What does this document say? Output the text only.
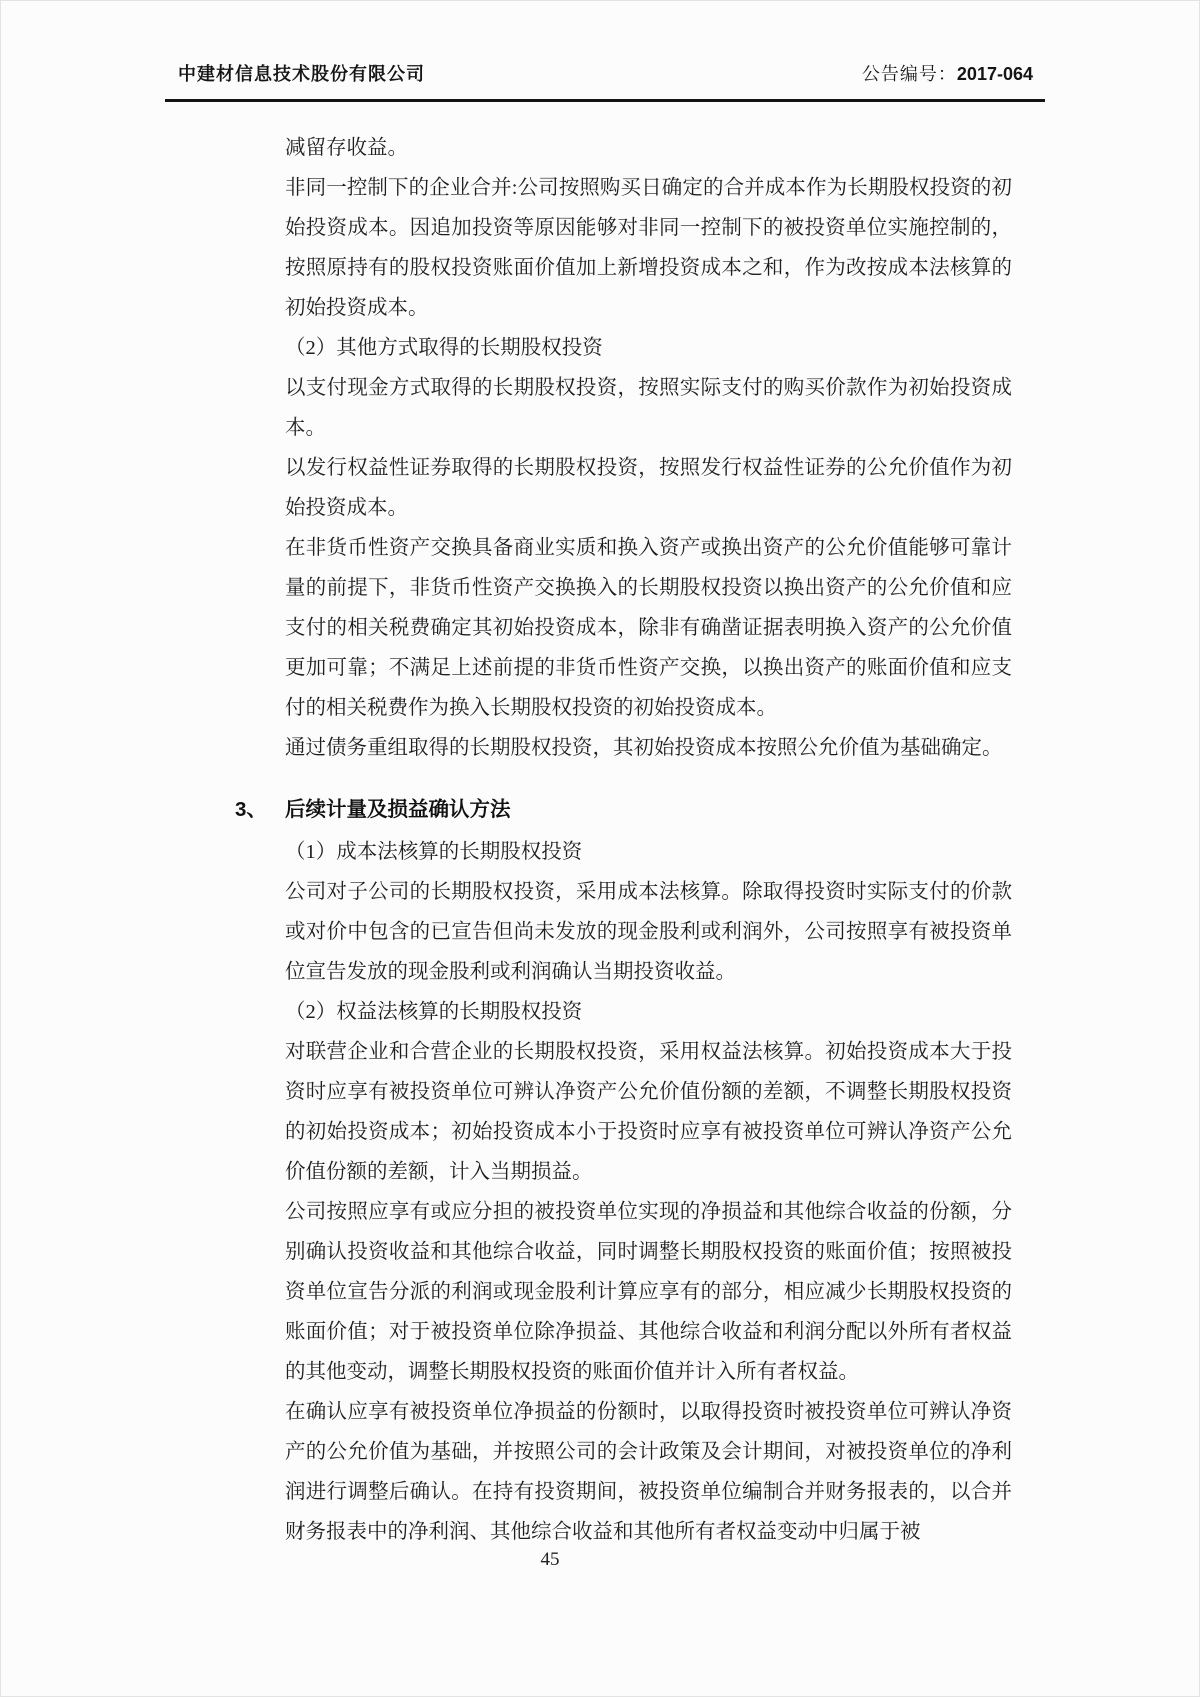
中建材信息技术股份有限公司	公告编号：2017-064

减留存收益。

非同一控制下的企业合并:公司按照购买日确定的合并成本作为长期股权投资的初始投资成本。因追加投资等原因能够对非同一控制下的被投资单位实施控制的，按照原持有的股权投资账面价值加上新增投资成本之和，作为改按成本法核算的初始投资成本。

（2）其他方式取得的长期股权投资

以支付现金方式取得的长期股权投资，按照实际支付的购买价款作为初始投资成本。

以发行权益性证券取得的长期股权投资，按照发行权益性证券的公允价值作为初始投资成本。

在非货币性资产交换具备商业实质和换入资产或换出资产的公允价值能够可靠计量的前提下，非货币性资产交换换入的长期股权投资以换出资产的公允价值和应支付的相关税费确定其初始投资成本，除非有确凿证据表明换入资产的公允价值更加可靠；不满足上述前提的非货币性资产交换，以换出资产的账面价值和应支付的相关税费作为换入长期股权投资的初始投资成本。

通过债务重组取得的长期股权投资，其初始投资成本按照公允价值为基础确定。

3、 后续计量及损益确认方法

（1）成本法核算的长期股权投资

公司对子公司的长期股权投资，采用成本法核算。除取得投资时实际支付的价款或对价中包含的已宣告但尚未发放的现金股利或利润外，公司按照享有被投资单位宣告发放的现金股利或利润确认当期投资收益。

（2）权益法核算的长期股权投资

对联营企业和合营企业的长期股权投资，采用权益法核算。初始投资成本大于投资时应享有被投资单位可辨认净资产公允价值份额的差额，不调整长期股权投资的初始投资成本；初始投资成本小于投资时应享有被投资单位可辨认净资产公允价值份额的差额，计入当期损益。

公司按照应享有或应分担的被投资单位实现的净损益和其他综合收益的份额，分别确认投资收益和其他综合收益，同时调整长期股权投资的账面价值；按照被投资单位宣告分派的利润或现金股利计算应享有的部分，相应减少长期股权投资的账面价值；对于被投资单位除净损益、其他综合收益和利润分配以外所有者权益的其他变动，调整长期股权投资的账面价值并计入所有者权益。

在确认应享有被投资单位净损益的份额时，以取得投资时被投资单位可辨认净资产的公允价值为基础，并按照公司的会计政策及会计期间，对被投资单位的净利润进行调整后确认。在持有投资期间，被投资单位编制合并财务报表的，以合并财务报表中的净利润、其他综合收益和其他所有者权益变动中归属于被

45
